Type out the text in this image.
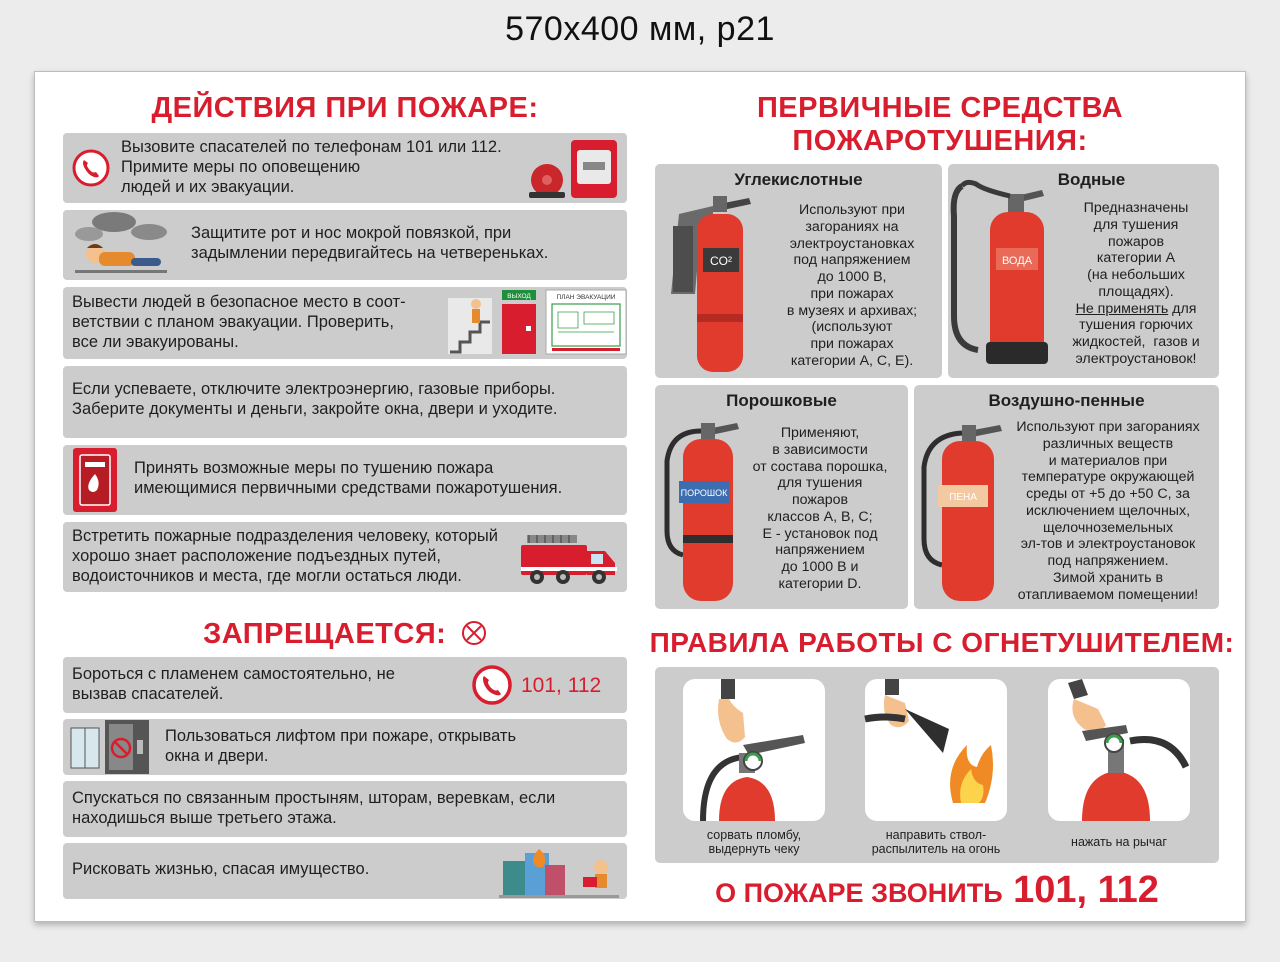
570x400 мм, p21
ДЕЙСТВИЯ ПРИ ПОЖАРЕ:
Вызовите спасателей по телефонам 101 или 112.
Примите меры по оповещению
людей и их эвакуации.
Защитите рот и нос мокрой повязкой, при
задымлении передвигайтесь на четвереньках.
Вывести людей в безопасное место в соот-
ветствии с планом эвакуации. Проверить,
все ли эвакуированы.
ВЫХОД	ПЛАН ЭВАКУАЦИИ
Если успеваете, отключите электроэнергию, газовые приборы.
Заберите документы и деньги, закройте окна, двери и уходите.
Принять возможные меры по тушению пожара
имеющимися первичными средствами пожаротушения.
Встретить пожарные подразделения человеку, который
хорошо знает расположение подъездных путей,
водоисточников и места, где могли остаться люди.
ЗАПРЕЩАЕТСЯ:
Бороться с пламенем самостоятельно, не
вызвав спасателей.	101, 112
Пользоваться лифтом при пожаре, открывать
окна и двери.
Спускаться по связанным простыням, шторам, веревкам, если
находишься выше третьего этажа.
Рисковать жизнью, спасая имущество.
ПЕРВИЧНЫЕ СРЕДСТВА
ПОЖАРОТУШЕНИЯ:
Углекислотные
CO²
Используют при
загораниях на
электроустановках
под напряжением
до 1000 В,
при пожарах
в музеях и архивах;
(используют
при пожарах
категории А, С, Е).
Водные
ВОДА
Предназначены
для тушения
пожаров
категории А
(на небольших
площадях).
Не применять для
тушения горючих
жидкостей,  газов и
электроустановок!
Порошковые
ПОРОШОК
Применяют,
в зависимости
от состава порошка,
для тушения
пожаров
классов А, В, С;
Е - установок под
напряжением
до 1000 В и
категории D.
Воздушно-пенные
ПЕНА
Используют при загораниях
различных веществ
и материалов при
температуре окружающей
среды от +5 до +50 С, за
исключением щелочных,
щелочноземельных
эл-тов и электроустановок
под напряжением.
Зимой хранить в
отапливаемом помещении!
ПРАВИЛА РАБОТЫ С ОГНЕТУШИТЕЛЕМ:
сорвать пломбу,
выдернуть чеку
направить ствол-
распылитель на огонь
нажать на рычаг
О ПОЖАРЕ ЗВОНИТЬ 101, 112
